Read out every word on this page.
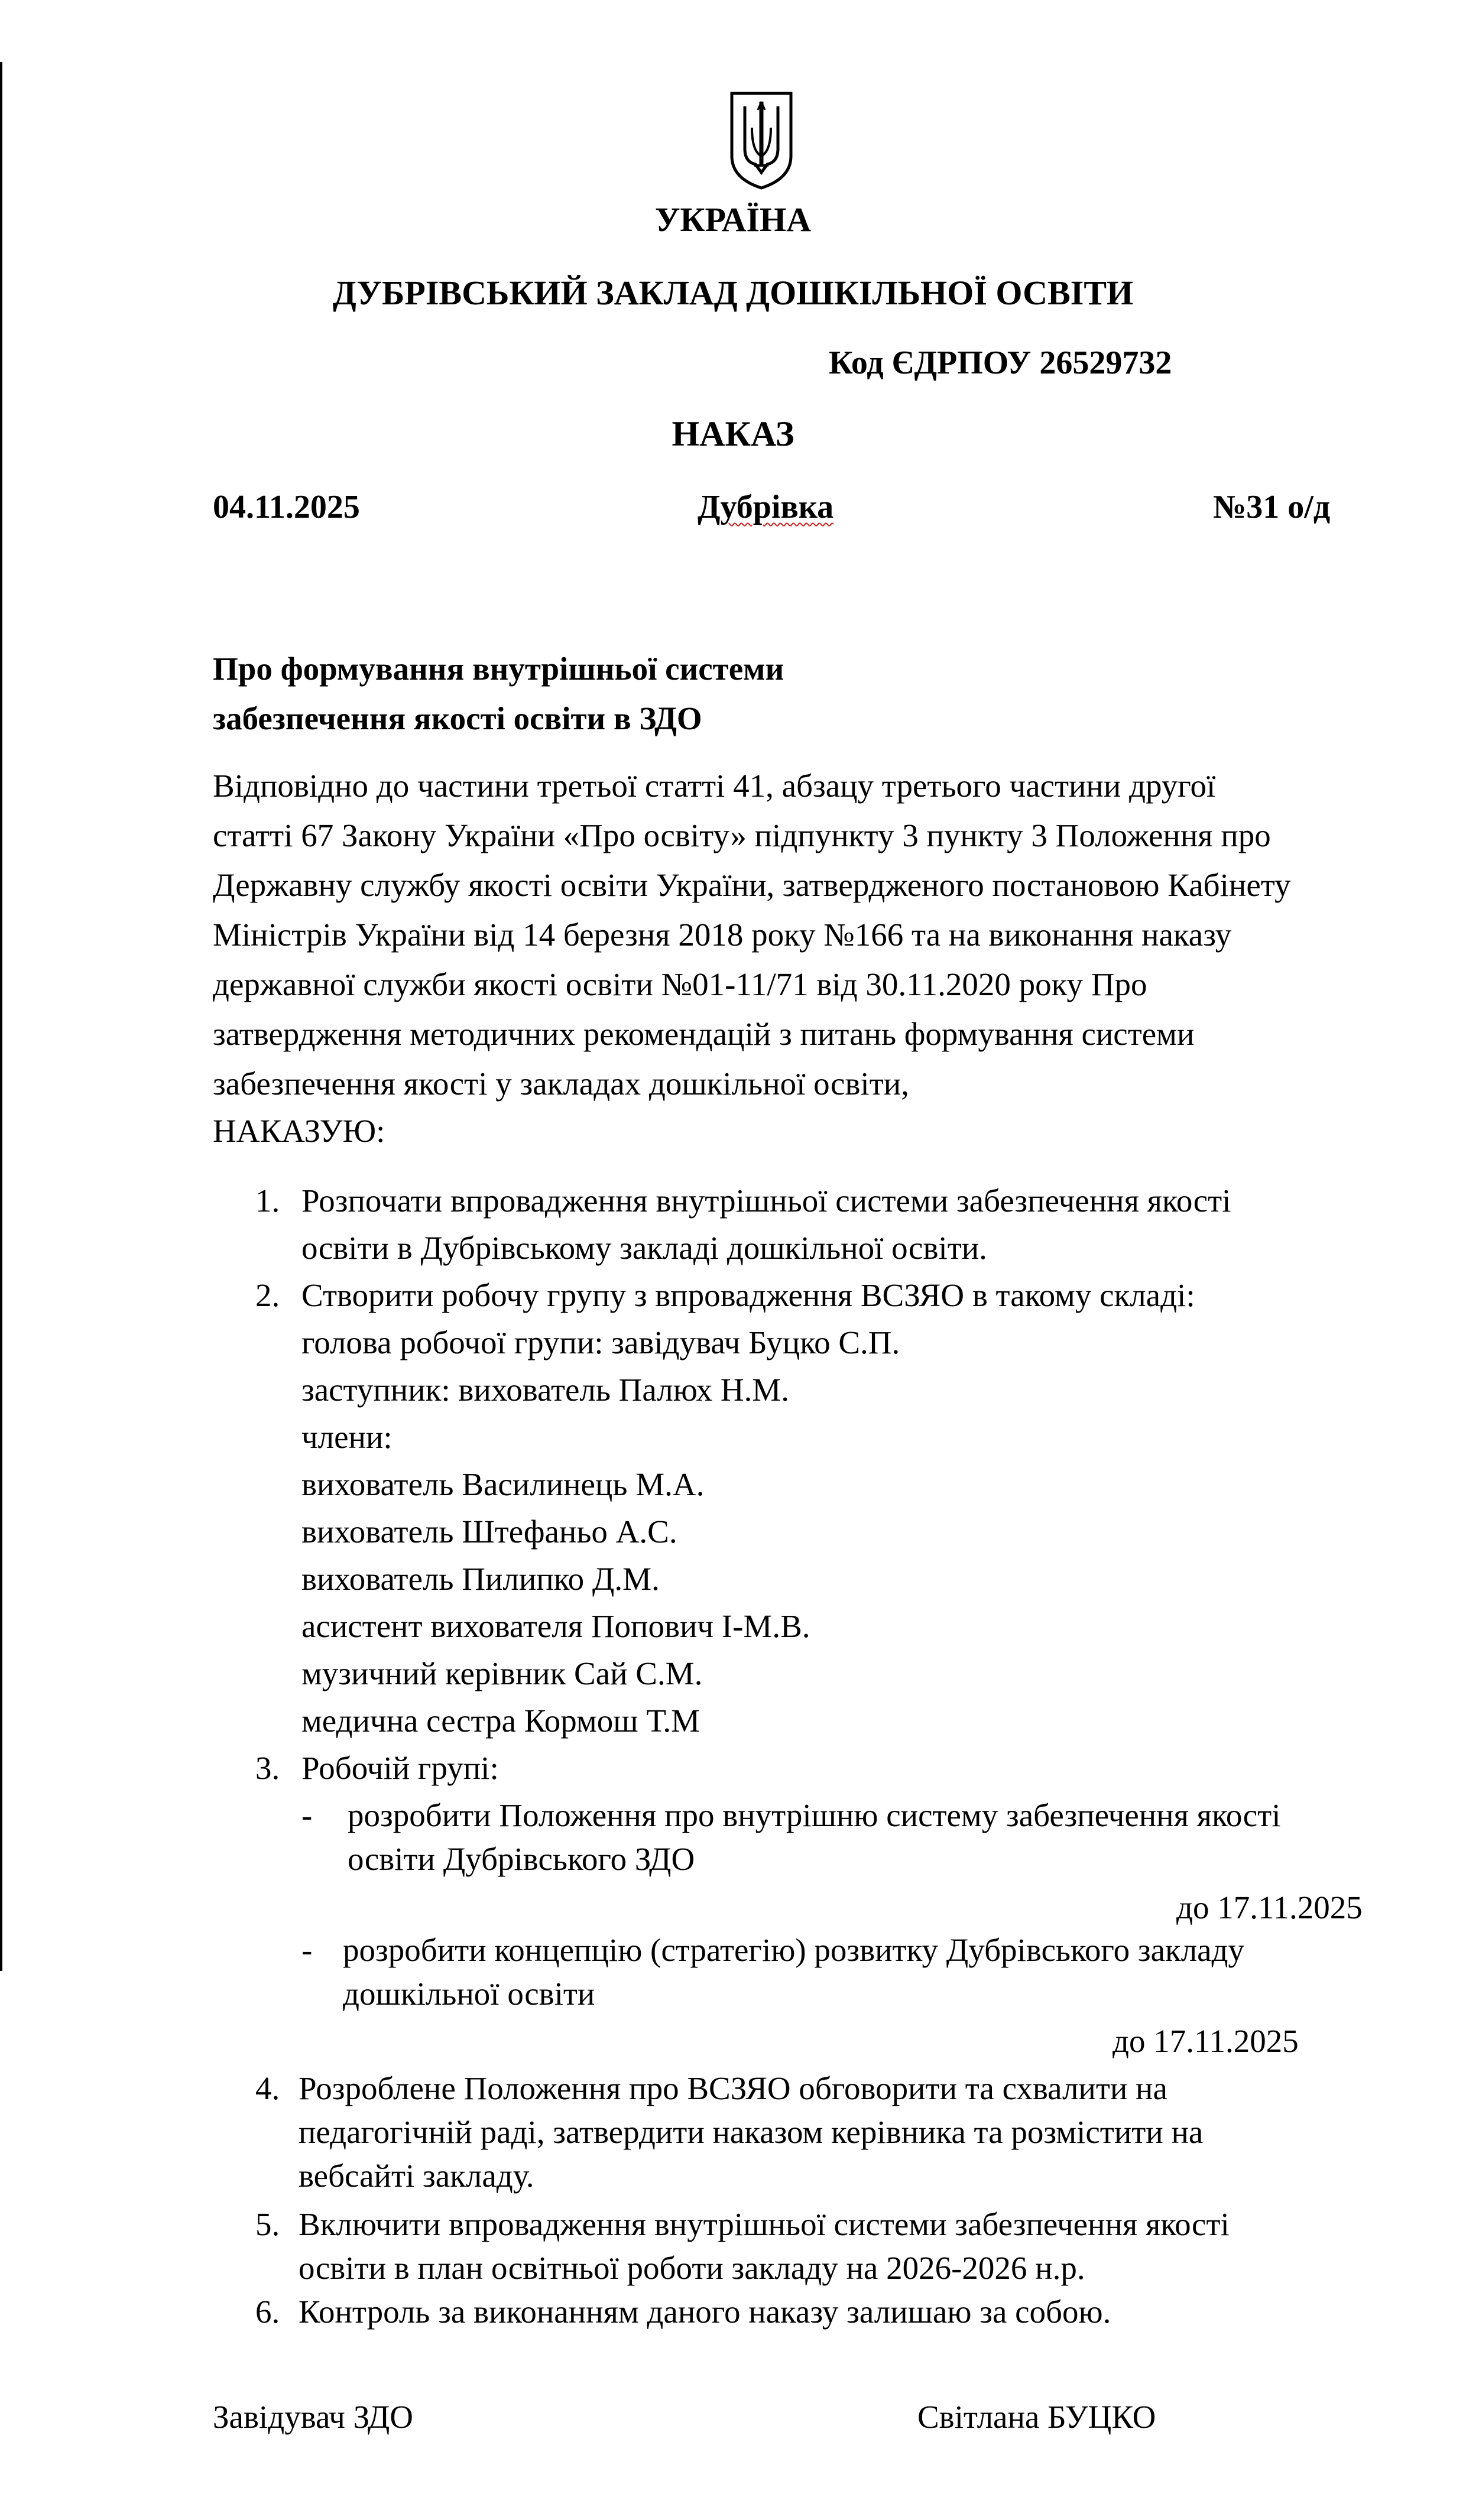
УКРАЇНА
ДУБРІВСЬКИЙ ЗАКЛАД ДОШКІЛЬНОЇ ОСВІТИ
Код ЄДРПОУ 26529732
НАКАЗ
04.11.2025	Дубрівка	№31 о/д
Про формування внутрішньої системи
забезпечення якості освіти в ЗДО
Відповідно до частини третьої статті 41, абзацу третього частини другої
статті 67 Закону України «Про освіту» підпункту 3 пункту 3 Положення про
Державну службу якості освіти України, затвердженого постановою Кабінету
Міністрів України від 14 березня 2018 року №166 та на виконання наказу
державної служби якості освіти №01-11/71 від 30.11.2020 року Про
затвердження методичних рекомендацій з питань формування системи
забезпечення якості у закладах дошкільної освіти,
НАКАЗУЮ:
1. Розпочати впровадження внутрішньої системи забезпечення якості
освіти в Дубрівському закладі дошкільної освіти.
2. Створити робочу групу з впровадження ВСЗЯО в такому складі:
голова робочої групи: завідувач Буцко С.П.
заступник: вихователь Палюх Н.М.
члени:
вихователь Василинець М.А.
вихователь Штефаньо А.С.
вихователь Пилипко Д.М.
асистент вихователя Попович І-М.В.
музичний керівник Сай С.М.
медична сестра Кормош Т.М
3. Робочій групі:
- розробити Положення про внутрішню систему забезпечення якості
освіти Дубрівського ЗДО
до 17.11.2025
- розробити концепцію (стратегію) розвитку Дубрівського закладу
дошкільної освіти
до 17.11.2025
4. Розроблене Положення про ВСЗЯО обговорити та схвалити на
педагогічній раді, затвердити наказом керівника та розмістити на
вебсайті закладу.
5. Включити впровадження внутрішньої системи забезпечення якості
освіти в план освітньої роботи закладу на 2026-2026 н.р.
6. Контроль за виконанням даного наказу залишаю за собою.
Завідувач ЗДО	Світлана БУЦКО
